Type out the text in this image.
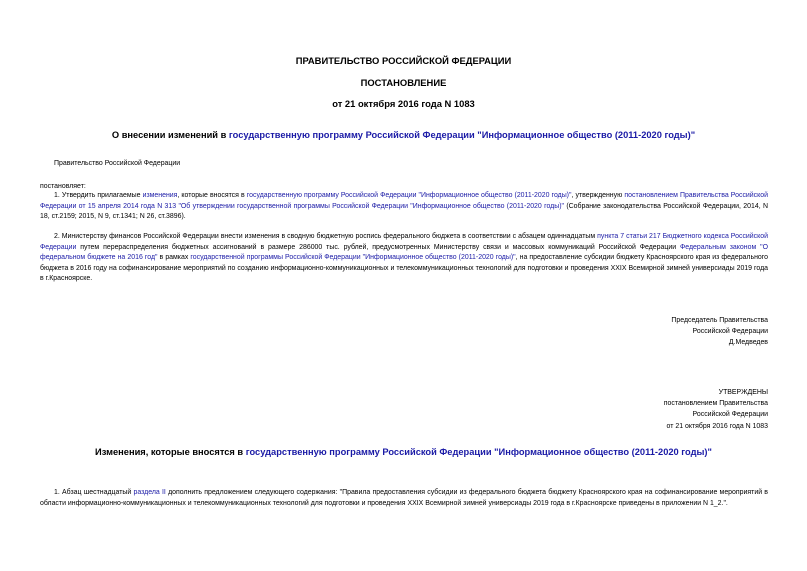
ПРАВИТЕЛЬСТВО РОССИЙСКОЙ ФЕДЕРАЦИИ
ПОСТАНОВЛЕНИЕ
от 21 октября 2016 года N 1083
О внесении изменений в государственную программу Российской Федерации "Информационное общество (2011-2020 годы)"
Правительство Российской Федерации
постановляет:
1. Утвердить прилагаемые изменения, которые вносятся в государственную программу Российской Федерации "Информационное общество (2011-2020 годы)", утвержденную постановлением Правительства Российской Федерации от 15 апреля 2014 года N 313 "Об утверждении государственной программы Российской Федерации "Информационное общество (2011-2020 годы)" (Собрание законодательства Российской Федерации, 2014, N 18, ст.2159; 2015, N 9, ст.1341; N 26, ст.3896).
2. Министерству финансов Российской Федерации внести изменения в сводную бюджетную роспись федерального бюджета в соответствии с абзацем одиннадцатым пункта 7 статьи 217 Бюджетного кодекса Российской Федерации путем перераспределения бюджетных ассигнований в размере 286000 тыс. рублей, предусмотренных Министерству связи и массовых коммуникаций Российской Федерации Федеральным законом "О федеральном бюджете на 2016 год" в рамках государственной программы Российской Федерации "Информационное общество (2011-2020 годы)", на предоставление субсидии бюджету Красноярского края из федерального бюджета в 2016 году на софинансирование мероприятий по созданию информационно-коммуникационных и телекоммуникационных технологий для подготовки и проведения XXIX Всемирной зимней универсиады 2019 года в г.Красноярске.
Председатель Правительства
Российской Федерации
Д.Медведев
УТВЕРЖДЕНЫ
постановлением Правительства
Российской Федерации
от 21 октября 2016 года N 1083
Изменения, которые вносятся в государственную программу Российской Федерации "Информационное общество (2011-2020 годы)"
1. Абзац шестнадцатый раздела II дополнить предложением следующего содержания: "Правила предоставления субсидии из федерального бюджета бюджету Красноярского края на софинансирование мероприятий в области информационно-коммуникационных и телекоммуникационных технологий для подготовки и проведения XXIX Всемирной зимней универсиады 2019 года в г.Красноярске приведены в приложении N 1_2.".
